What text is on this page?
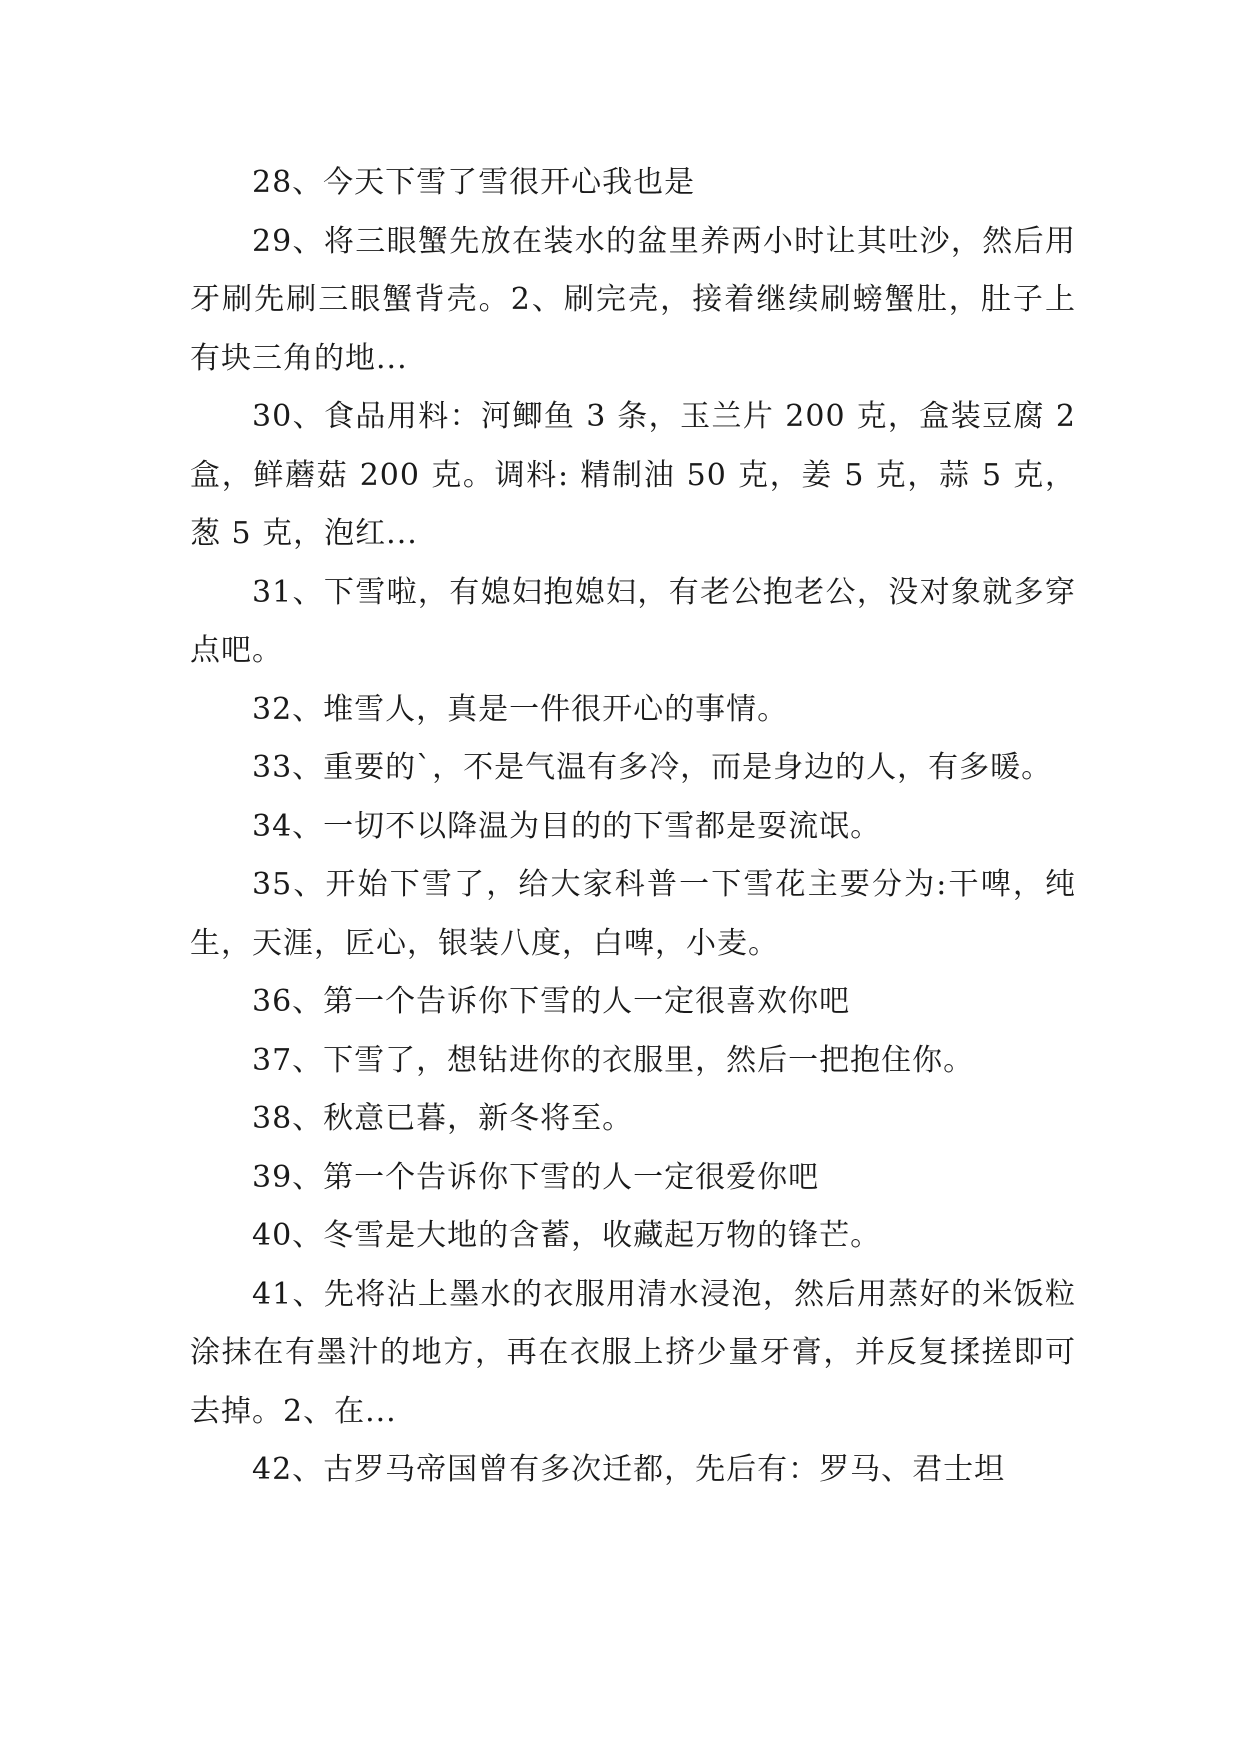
28、今天下雪了雪很开心我也是

29、将三眼蟹先放在装水的盆里养两小时让其吐沙，然后用牙刷先刷三眼蟹背壳。2、刷完壳，接着继续刷螃蟹肚，肚子上有块三角的地...

30、食品用料：河鲫鱼 3 条，玉兰片 200 克，盒装豆腐 2 盒，鲜蘑菇 200 克。调料: 精制油 50 克，姜 5 克，蒜 5 克，葱 5 克，泡红...

31、下雪啦，有媳妇抱媳妇，有老公抱老公，没对象就多穿点吧。

32、堆雪人，真是一件很开心的事情。

33、重要的`，不是气温有多冷，而是身边的人，有多暖。

34、一切不以降温为目的的下雪都是耍流氓。

35、开始下雪了，给大家科普一下雪花主要分为:干啤，纯生，天涯，匠心，银装八度，白啤，小麦。

36、第一个告诉你下雪的人一定很喜欢你吧

37、下雪了，想钻进你的衣服里，然后一把抱住你。

38、秋意已暮，新冬将至。

39、第一个告诉你下雪的人一定很爱你吧

40、冬雪是大地的含蓄，收藏起万物的锋芒。

41、先将沾上墨水的衣服用清水浸泡，然后用蒸好的米饭粒涂抹在有墨汁的地方，再在衣服上挤少量牙膏，并反复揉搓即可去掉。2、在...

42、古罗马帝国曾有多次迁都，先后有：罗马、君士坦
